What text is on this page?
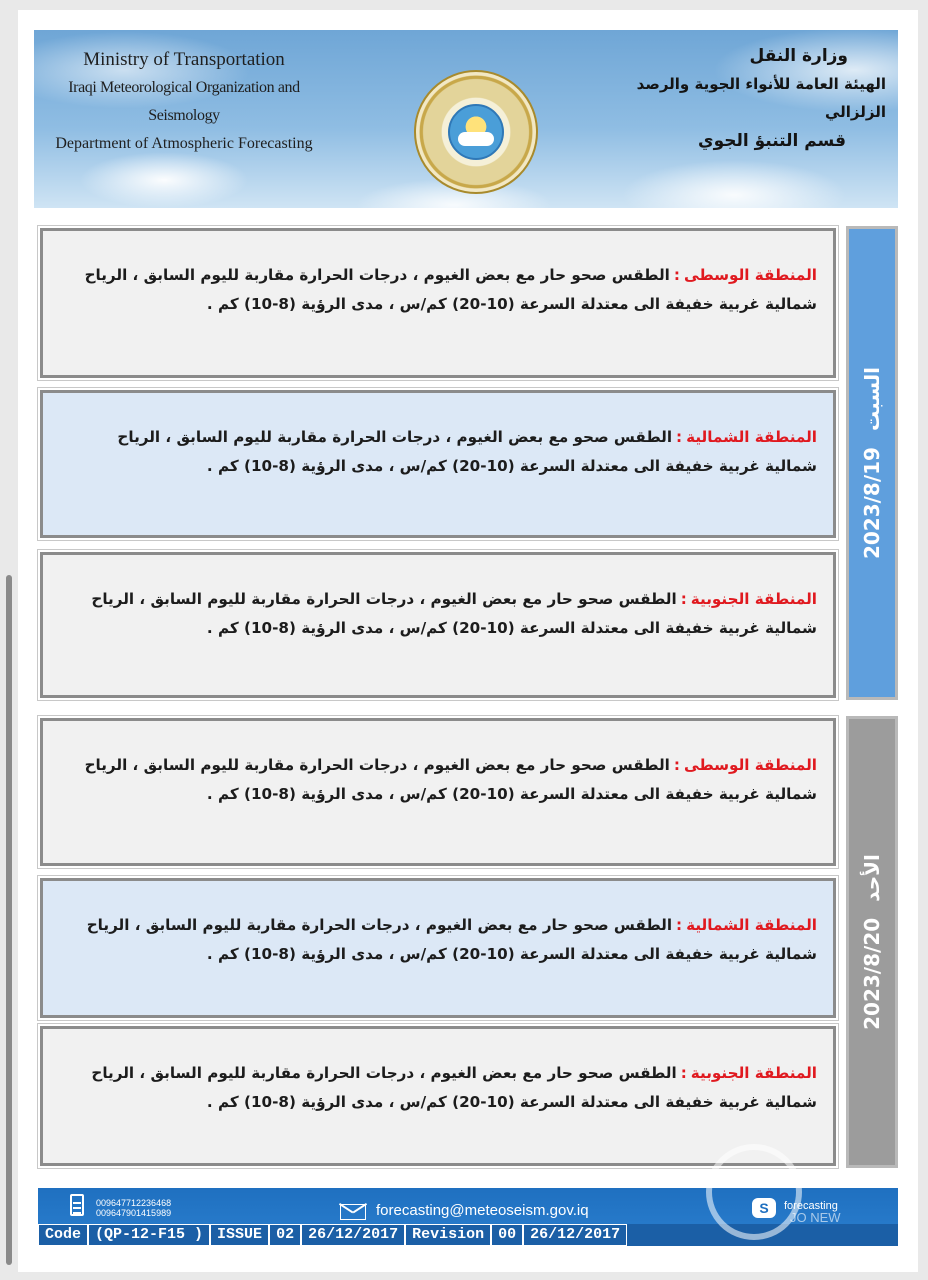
Ministry of Transportation
Iraqi Meteorological Organization and Seismology
Department of Atmospheric Forecasting
وزارة النقل
الهيئة العامة للأنواء الجوية والرصد الزلزالي
قسم التنبؤ الجوي
المنطقة الوسطى:الطقس صحو حار مع بعض الغيوم ، درجات الحرارة مقاربة لليوم السابق ، الرياح شمالية غربية خفيفة الى معتدلة السرعة (10-20) كم/س ، مدى الرؤية (8-10) كم .
المنطقة الشمالية:الطقس صحو مع بعض الغيوم ، درجات الحرارة مقاربة لليوم السابق ، الرياح شمالية غربية خفيفة الى معتدلة السرعة (10-20) كم/س ، مدى الرؤية (8-10) كم .
المنطقة الجنوبية:الطقس صحو حار مع بعض الغيوم ، درجات الحرارة مقاربة لليوم السابق ، الرياح شمالية غربية خفيفة الى معتدلة السرعة (10-20) كم/س ، مدى الرؤية (8-10) كم .
2023/8/19
السبت
المنطقة الوسطى:الطقس صحو حار مع بعض الغيوم ، درجات الحرارة مقاربة لليوم السابق ، الرياح شمالية غربية خفيفة الى معتدلة السرعة (10-20) كم/س ، مدى الرؤية (8-10) كم .
المنطقة الشمالية:الطقس صحو حار مع بعض الغيوم ، درجات الحرارة مقاربة لليوم السابق ، الرياح شمالية غربية خفيفة الى معتدلة السرعة (10-20) كم/س ، مدى الرؤية (8-10) كم .
المنطقة الجنوبية:الطقس صحو حار مع بعض الغيوم ، درجات الحرارة مقاربة لليوم السابق ، الرياح شمالية غربية خفيفة الى معتدلة السرعة (10-20) كم/س ، مدى الرؤية (8-10) كم .
2023/8/20
الأحد
009647712236468
009647901415989	forecasting@meteoseism.gov.iq	S	forecasting
Code (QP-12-F15 ) ISSUE 02 26/12/2017 Revision 00 26/12/2017
JO NEW
